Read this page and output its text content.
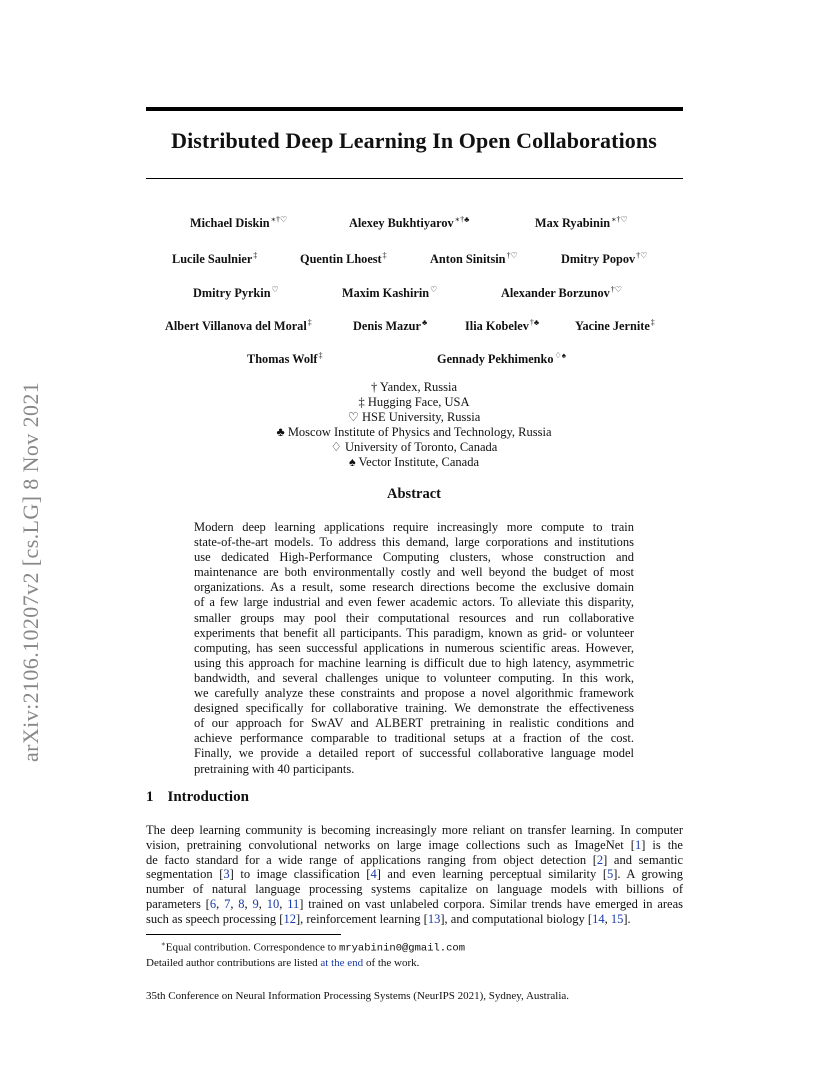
arXiv:2106.10207v2 [cs.LG] 8 Nov 2021
Distributed Deep Learning In Open Collaborations
Michael Diskin∗†♡	Alexey Bukhtiyarov∗†♣	Max Ryabinin∗†♡
Lucile Saulnier‡	Quentin Lhoest‡	Anton Sinitsin†♡	Dmitry Popov†♡
Dmitry Pyrkin♡	Maxim Kashirin♡	Alexander Borzunov†♡
Albert Villanova del Moral‡	Denis Mazur♣	Ilia Kobelev†♣	Yacine Jernite‡
Thomas Wolf‡	Gennady Pekhimenko♢♠
† Yandex, Russia
‡ Hugging Face, USA
♡ HSE University, Russia
♣ Moscow Institute of Physics and Technology, Russia
♢ University of Toronto, Canada
♠ Vector Institute, Canada
Abstract
Modern deep learning applications require increasingly more compute to train
state-of-the-art models. To address this demand, large corporations and institutions
use dedicated High-Performance Computing clusters, whose construction and
maintenance are both environmentally costly and well beyond the budget of most
organizations. As a result, some research directions become the exclusive domain
of a few large industrial and even fewer academic actors. To alleviate this disparity,
smaller groups may pool their computational resources and run collaborative
experiments that benefit all participants. This paradigm, known as grid- or volunteer
computing, has seen successful applications in numerous scientific areas. However,
using this approach for machine learning is difficult due to high latency, asymmetric
bandwidth, and several challenges unique to volunteer computing. In this work,
we carefully analyze these constraints and propose a novel algorithmic framework
designed specifically for collaborative training. We demonstrate the effectiveness
of our approach for SwAV and ALBERT pretraining in realistic conditions and
achieve performance comparable to traditional setups at a fraction of the cost.
Finally, we provide a detailed report of successful collaborative language model
pretraining with 40 participants.
1 Introduction
The deep learning community is becoming increasingly more reliant on transfer learning. In computer
vision, pretraining convolutional networks on large image collections such as ImageNet [1] is the
de facto standard for a wide range of applications ranging from object detection [2] and semantic
segmentation [3] to image classification [4] and even learning perceptual similarity [5]. A growing
number of natural language processing systems capitalize on language models with billions of
parameters [6, 7, 8, 9, 10, 11] trained on vast unlabeled corpora. Similar trends have emerged in areas
such as speech processing [12], reinforcement learning [13], and computational biology [14, 15].
∗Equal contribution. Correspondence to mryabinin0@gmail.com
Detailed author contributions are listed at the end of the work.
35th Conference on Neural Information Processing Systems (NeurIPS 2021), Sydney, Australia.
